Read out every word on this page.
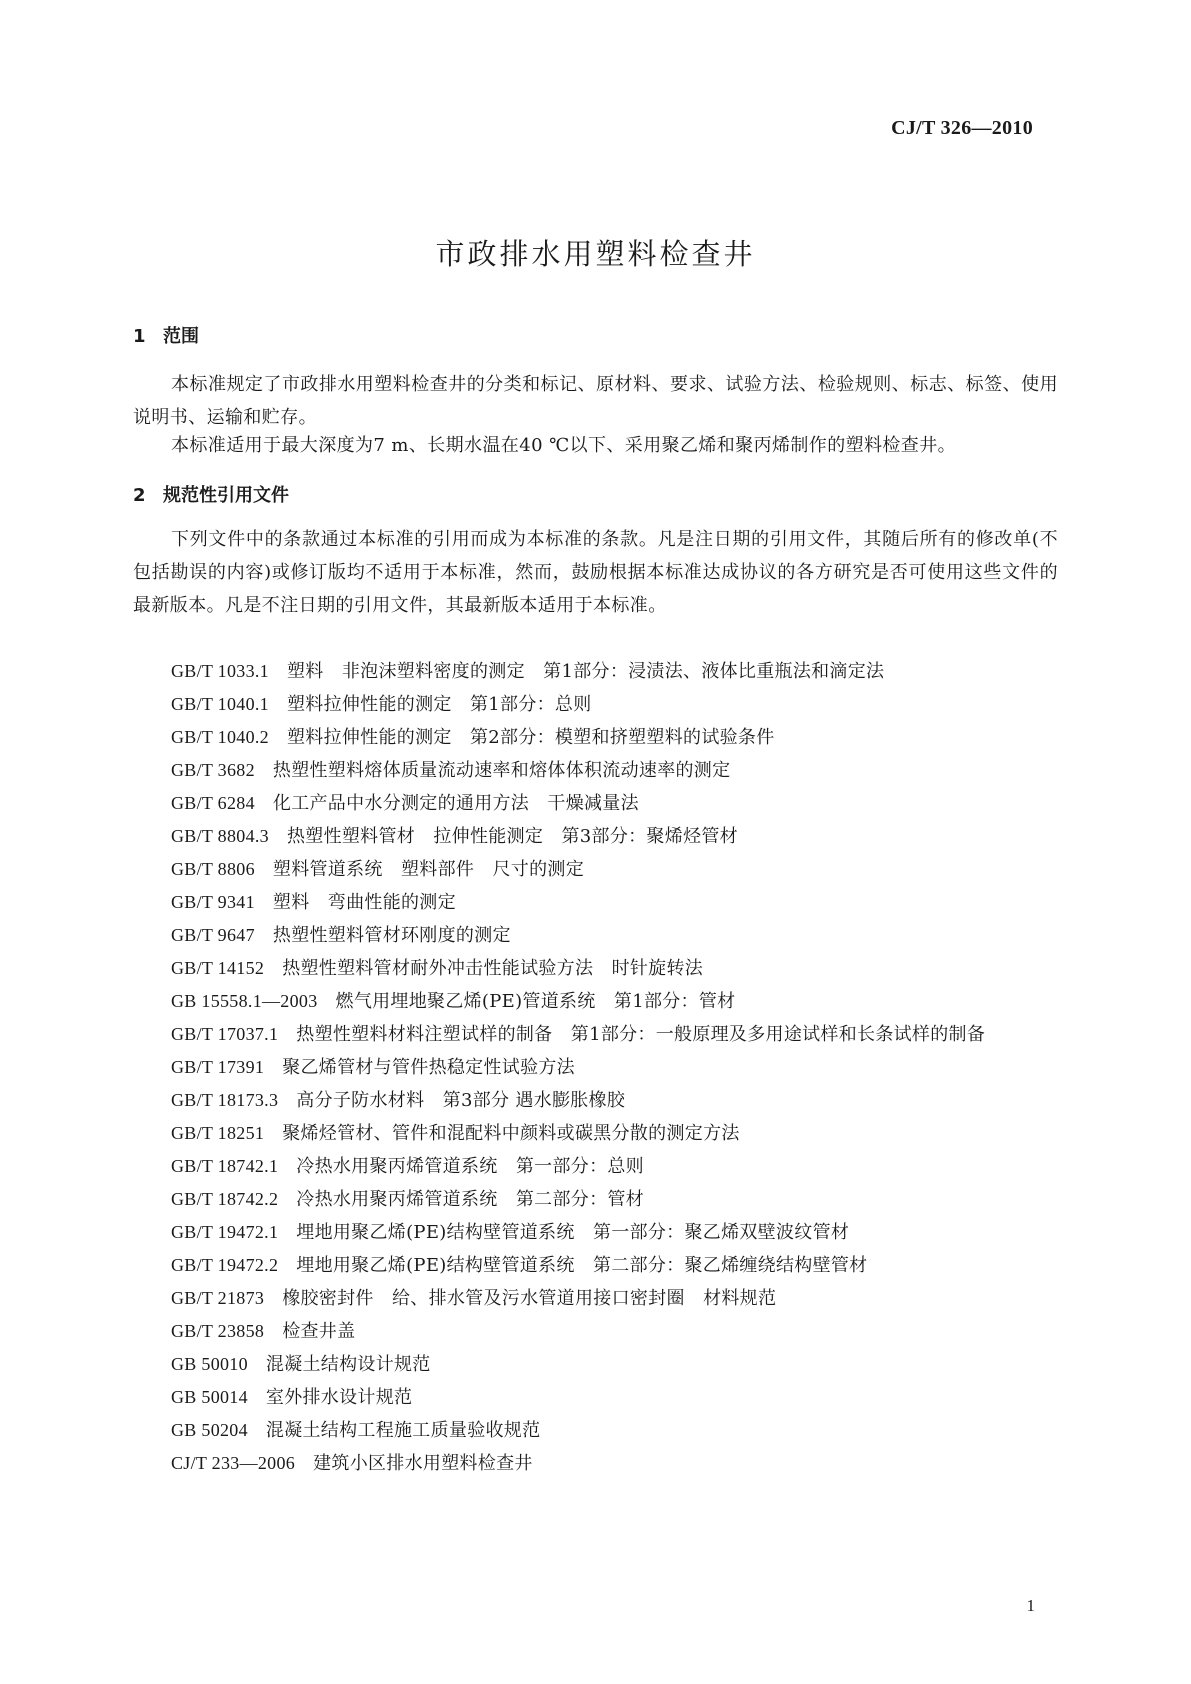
CJ/T 326—2010
市政排水用塑料检查井
1 范围

本标准规定了市政排水用塑料检查井的分类和标记、原材料、要求、试验方法、检验规则、标志、标签、使用说明书、运输和贮存。

本标准适用于最大深度为7 m、长期水温在40 ℃以下、采用聚乙烯和聚丙烯制作的塑料检查井。

2 规范性引用文件

下列文件中的条款通过本标准的引用而成为本标准的条款。凡是注日期的引用文件，其随后所有的修改单(不包括勘误的内容)或修订版均不适用于本标准，然而，鼓励根据本标准达成协议的各方研究是否可使用这些文件的最新版本。凡是不注日期的引用文件，其最新版本适用于本标准。

GB/T 1033.1 塑料　非泡沫塑料密度的测定　第1部分：浸渍法、液体比重瓶法和滴定法
GB/T 1040.1 塑料拉伸性能的测定　第1部分：总则
GB/T 1040.2 塑料拉伸性能的测定　第2部分：模塑和挤塑塑料的试验条件
GB/T 3682 热塑性塑料熔体质量流动速率和熔体体积流动速率的测定
GB/T 6284 化工产品中水分测定的通用方法　干燥减量法
GB/T 8804.3 热塑性塑料管材　拉伸性能测定　第3部分：聚烯烃管材
GB/T 8806 塑料管道系统　塑料部件　尺寸的测定
GB/T 9341 塑料　弯曲性能的测定
GB/T 9647 热塑性塑料管材环刚度的测定
GB/T 14152 热塑性塑料管材耐外冲击性能试验方法　时针旋转法
GB 15558.1—2003 燃气用埋地聚乙烯(PE)管道系统　第1部分：管材
GB/T 17037.1 热塑性塑料材料注塑试样的制备　第1部分：一般原理及多用途试样和长条试样的制备
GB/T 17391 聚乙烯管材与管件热稳定性试验方法
GB/T 18173.3 高分子防水材料　第3部分 遇水膨胀橡胶
GB/T 18251 聚烯烃管材、管件和混配料中颜料或碳黑分散的测定方法
GB/T 18742.1 冷热水用聚丙烯管道系统　第一部分：总则
GB/T 18742.2 冷热水用聚丙烯管道系统　第二部分：管材
GB/T 19472.1 埋地用聚乙烯(PE)结构壁管道系统　第一部分：聚乙烯双壁波纹管材
GB/T 19472.2 埋地用聚乙烯(PE)结构壁管道系统　第二部分：聚乙烯缠绕结构壁管材
GB/T 21873 橡胶密封件　给、排水管及污水管道用接口密封圈　材料规范
GB/T 23858 检查井盖
GB 50010 混凝土结构设计规范
GB 50014 室外排水设计规范
GB 50204 混凝土结构工程施工质量验收规范
CJ/T 233—2006 建筑小区排水用塑料检查井
1
